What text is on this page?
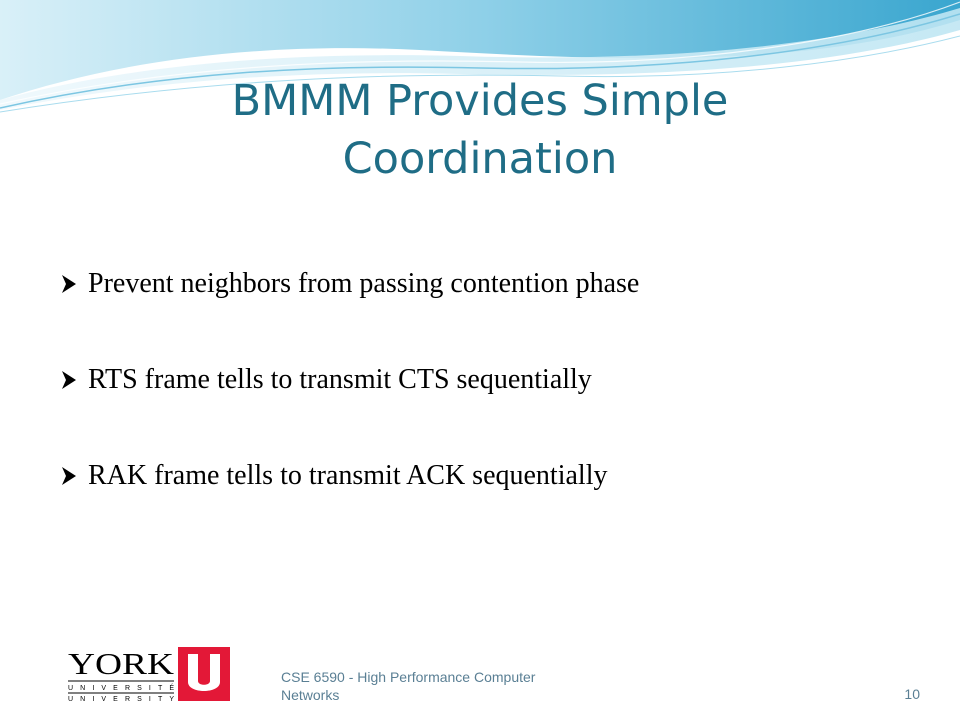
BMMM Provides Simple Coordination
Prevent neighbors from passing contention phase
RTS frame tells to transmit CTS sequentially
RAK frame tells to transmit ACK sequentially
YORK
UNIVERSITÉ
UNIVERSITY
CSE 6590 - High Performance Computer
Networks	10
